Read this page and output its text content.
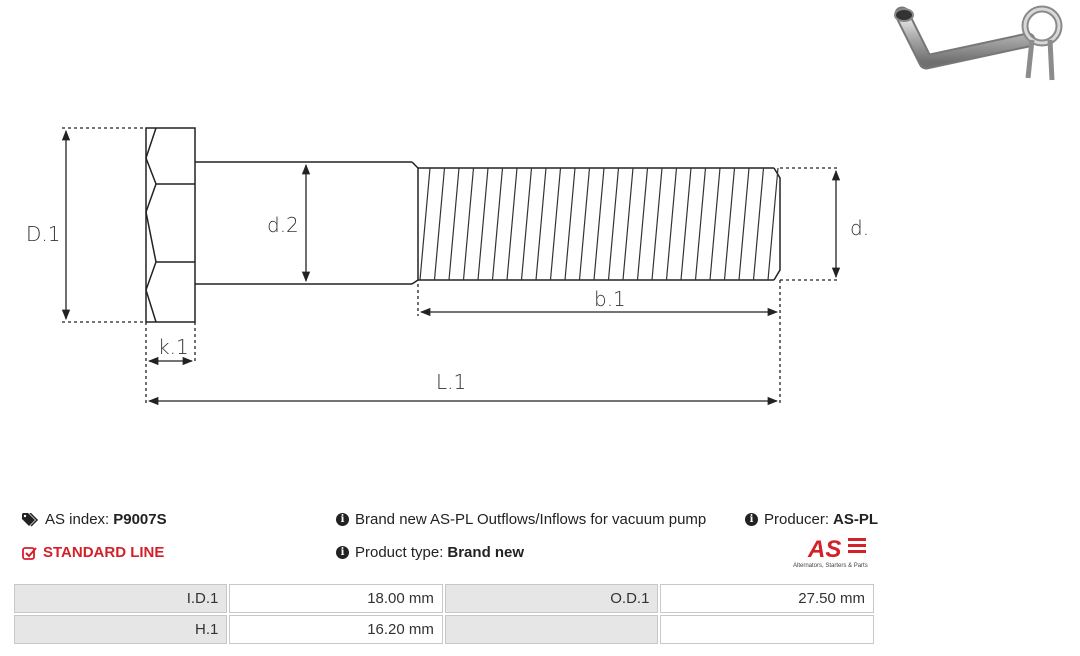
D.1	d.2	d.
b.1
k.1
L.1
AS index: P9007S
STANDARD LINE
i Brand new AS-PL Outflows/Inflows for vacuum pump
i Product type: Brand new
i Producer: AS-PL
AS
Alternators, Starters & Parts
I.D.1	18.00 mm	O.D.1	27.50 mm
H.1	16.20 mm		
